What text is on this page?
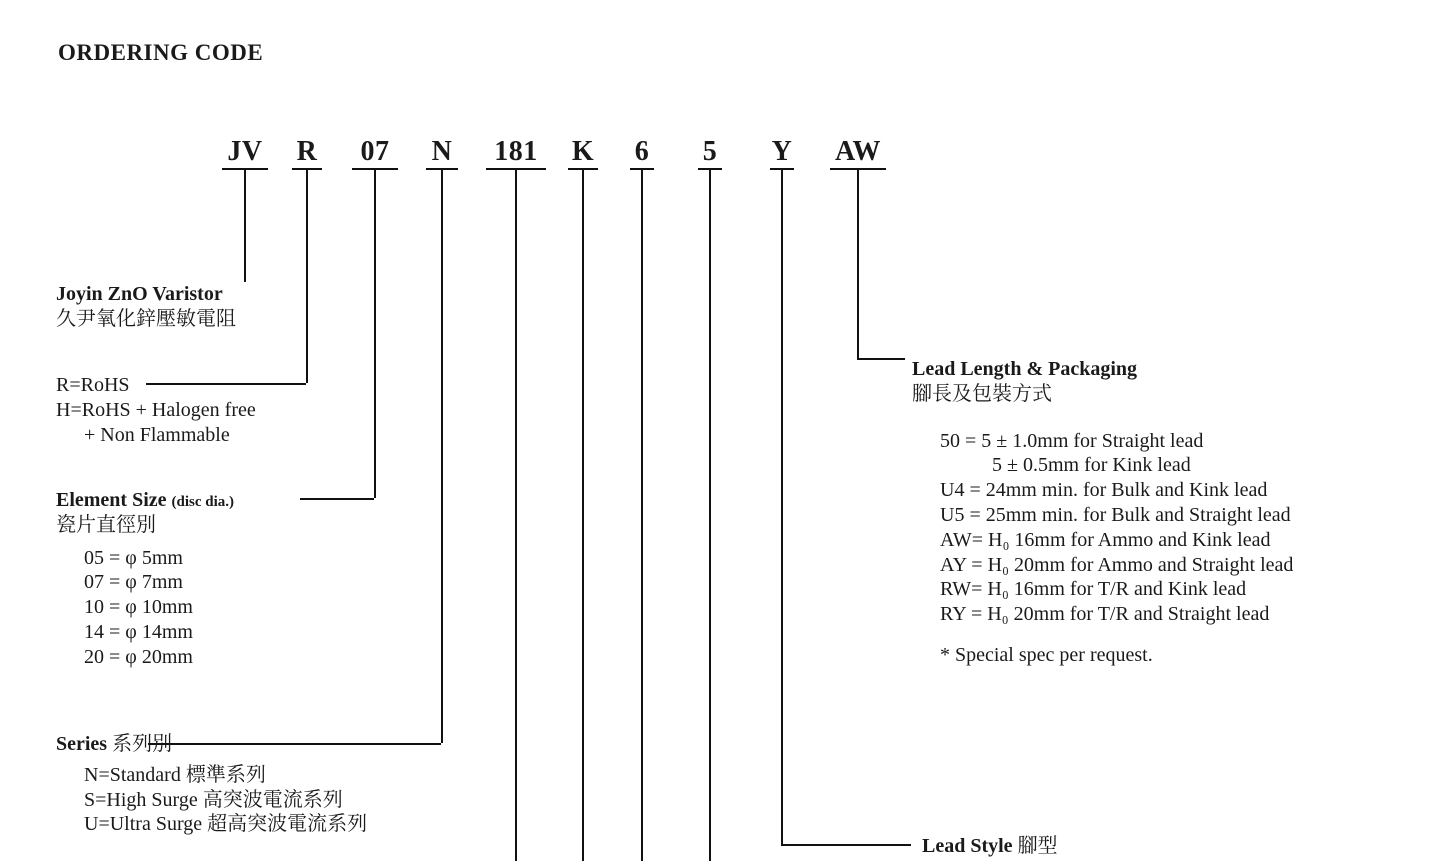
ORDERING CODE
JV R	07	N 181 K 6 5 Y AW
Joyin ZnO Varistor
久尹氧化鋅壓敏電阻
R=RoHS
H=RoHS + Halogen free
+ Non Flammable
Element Size (disc dia.)
瓷片直徑別
05 = φ 5mm
07 = φ 7mm
10 = φ 10mm
14 = φ 14mm
20 = φ 20mm
Series 系列別
N=Standard 標準系列
S=High Surge 高突波電流系列
U=Ultra Surge 超高突波電流系列
Lead Length & Packaging
腳長及包裝方式
50 = 5 ± 1.0mm for Straight lead
5 ± 0.5mm for Kink lead
U4 = 24mm min. for Bulk and Kink lead
U5 = 25mm min. for Bulk and Straight lead
AW= H₀ 16mm for Ammo and Kink lead
AY = H₀ 20mm for Ammo and Straight lead
RW= H₀ 16mm for T/R and Kink lead
RY = H₀ 20mm for T/R and Straight lead
* Special spec per request.
Lead Style 腳型
